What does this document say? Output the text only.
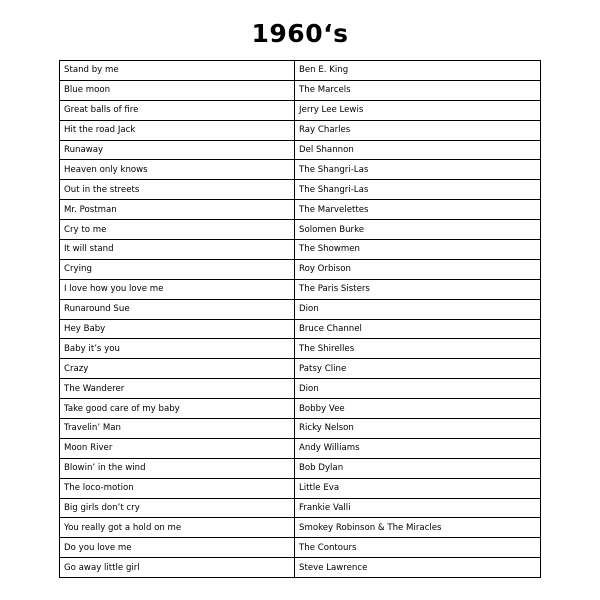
1960‘s
Stand by me	Ben E. King
Blue moon	The Marcels
Great balls of fire	Jerry Lee Lewis
Hit the road Jack	Ray Charles
Runaway	Del Shannon
Heaven only knows	The Shangri-Las
Out in the streets	The Shangri-Las
Mr. Postman	The Marvelettes
Cry to me	Solomen Burke
It will stand	The Showmen
Crying	Roy Orbison
I love how you love me	The Paris Sisters
Runaround Sue	Dion
Hey Baby	Bruce Channel
Baby it’s you	The Shirelles
Crazy	Patsy Cline
The Wanderer	Dion
Take good care of my baby	Bobby Vee
Travelin’ Man	Ricky Nelson
Moon River	Andy Williams
Blowin’ in the wind	Bob Dylan
The loco-motion	Little Eva
Big girls don’t cry	Frankie Valli
You really got a hold on me	Smokey Robinson & The Miracles
Do you love me	The Contours
Go away little girl	Steve Lawrence
